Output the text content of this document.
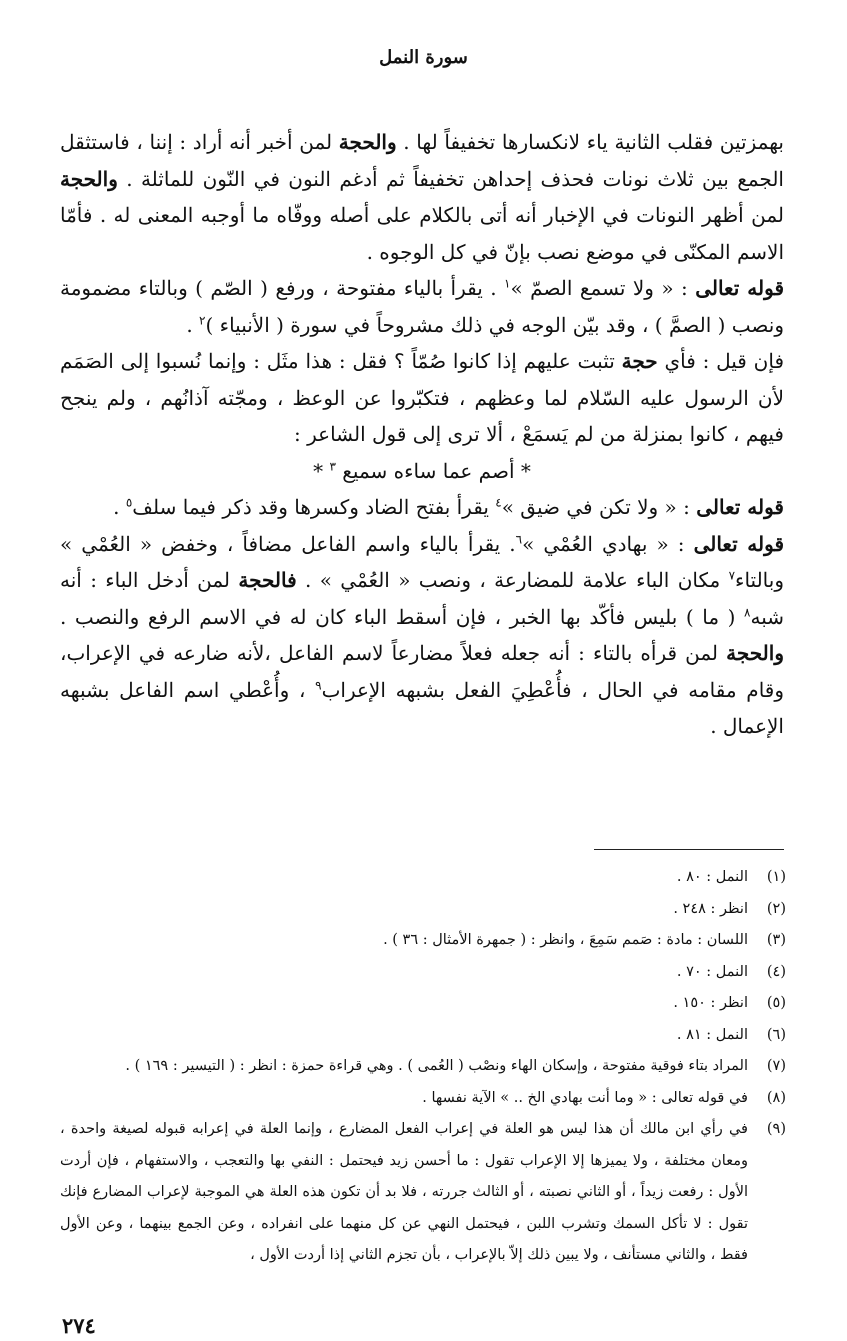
سورة النمل

بهمزتين فقلب الثانية ياء لانكسارها تخفيفاً لها . والحجة لمن أخبر أنه أراد : إننا ، فاستثقل الجمع بين ثلاث نونات فحذف إحداهن تخفيفاً ثم أدغم النون في النّون للماثلة . والحجة لمن أظهر النونات في الإخبار أنه أتى بالكلام على أصله ووفّاه ما أوجبه المعنى له . فأمّا الاسم المكنّى في موضع نصب بإنّ في كل الوجوه .

قوله تعالى : « ولا تسمع الصمّ »$^١$ . يقرأ بالياء مفتوحة ، ورفع ( الصّم ) وبالتاء مضمومة ونصب ( الصمَّ ) ، وقد بيّن الوجه في ذلك مشروحاً في سورة ( الأنبياء )$^٢$ .

فإن قيل : فأي حجة تثبت عليهم إذا كانوا صُمّاً ؟ فقل : هذا مثَل : وإنما نُسبوا إلى الصَمَم لأن الرسول عليه السّلام لما وعظهم ، فتكبّروا عن الوعظ ، ومجّته آذانُهم ، ولم ينجح فيهم ، كانوا بمنزلة من لم يَسمَعْ ، ألا ترى إلى قول الشاعر :

* أصم عما ساءه سميع $^٣$ *

قوله تعالى : « ولا تكن في ضيق »$^٤$ يقرأ بفتح الضاد وكسرها وقد ذكر فيما سلف$^٥$ .

قوله تعالى : « بهادي العُمْي »$^٦$. يقرأ بالياء واسم الفاعل مضافاً ، وخفض « العُمْي » وبالتاء$^٧$ مكان الباء علامة للمضارعة ، ونصب « العُمْي » . فالحجة لمن أدخل الباء : أنه شبه$^٨$ ( ما ) بليس فأكّد بها الخبر ، فإن أسقط الباء كان له في الاسم الرفع والنصب . والحجة لمن قرأه بالتاء : أنه جعله فعلاً مضارعاً لاسم الفاعل ،لأنه ضارعه في الإعراب، وقام مقامه في الحال ، فأُعْطِيَ الفعل بشبهه الإعراب$^٩$ ، وأُعْطي اسم الفاعل بشبهه الإعمال .

(١)
النمل : ٨٠ .
(٢)
انظر : ٢٤٨ .
(٣)
اللسان : مادة : صَمم سَمِعَ ، وانظر : ( جمهرة الأمثال : ٣٦ ) .
(٤)
النمل : ٧٠ .
(٥)
انظر : ١٥٠ .
(٦)
النمل : ٨١ .
(٧)
المراد بتاء فوقية مفتوحة ، وإسكان الهاء ونصْب ( العُمى ) . وهي قراءة حمزة : انظر : ( التيسير : ١٦٩ ) .
(٨)
في قوله تعالى : « وما أنت بهادي الخ .. » الآية نفسها .
(٩)
في رأي ابن مالك أن هذا ليس هو العلة في إعراب الفعل المضارع ، وإنما العلة في إعرابه قبوله لصيغة واحدة ، ومعان مختلفة ، ولا يميزها إلا الإعراب تقول : ما أحسن زيد فيحتمل : النفي بها والتعجب ، والاستفهام ، فإن أردت الأول : رفعت زيداً ، أو الثاني نصبته ، أو الثالث جررته ، فلا بد أن تكون هذه العلة هي الموجبة لإعراب المضارع فإنك تقول : لا تأكل السمك وتشرب اللبن ، فيحتمل النهي عن كل منهما على انفراده ، وعن الجمع بينهما ، وعن الأول فقط ، والثاني مستأنف ، ولا يبين ذلك إلاّ بالإعراب ، بأن تجزم الثاني إذا أردت الأول ،
٢٧٤
